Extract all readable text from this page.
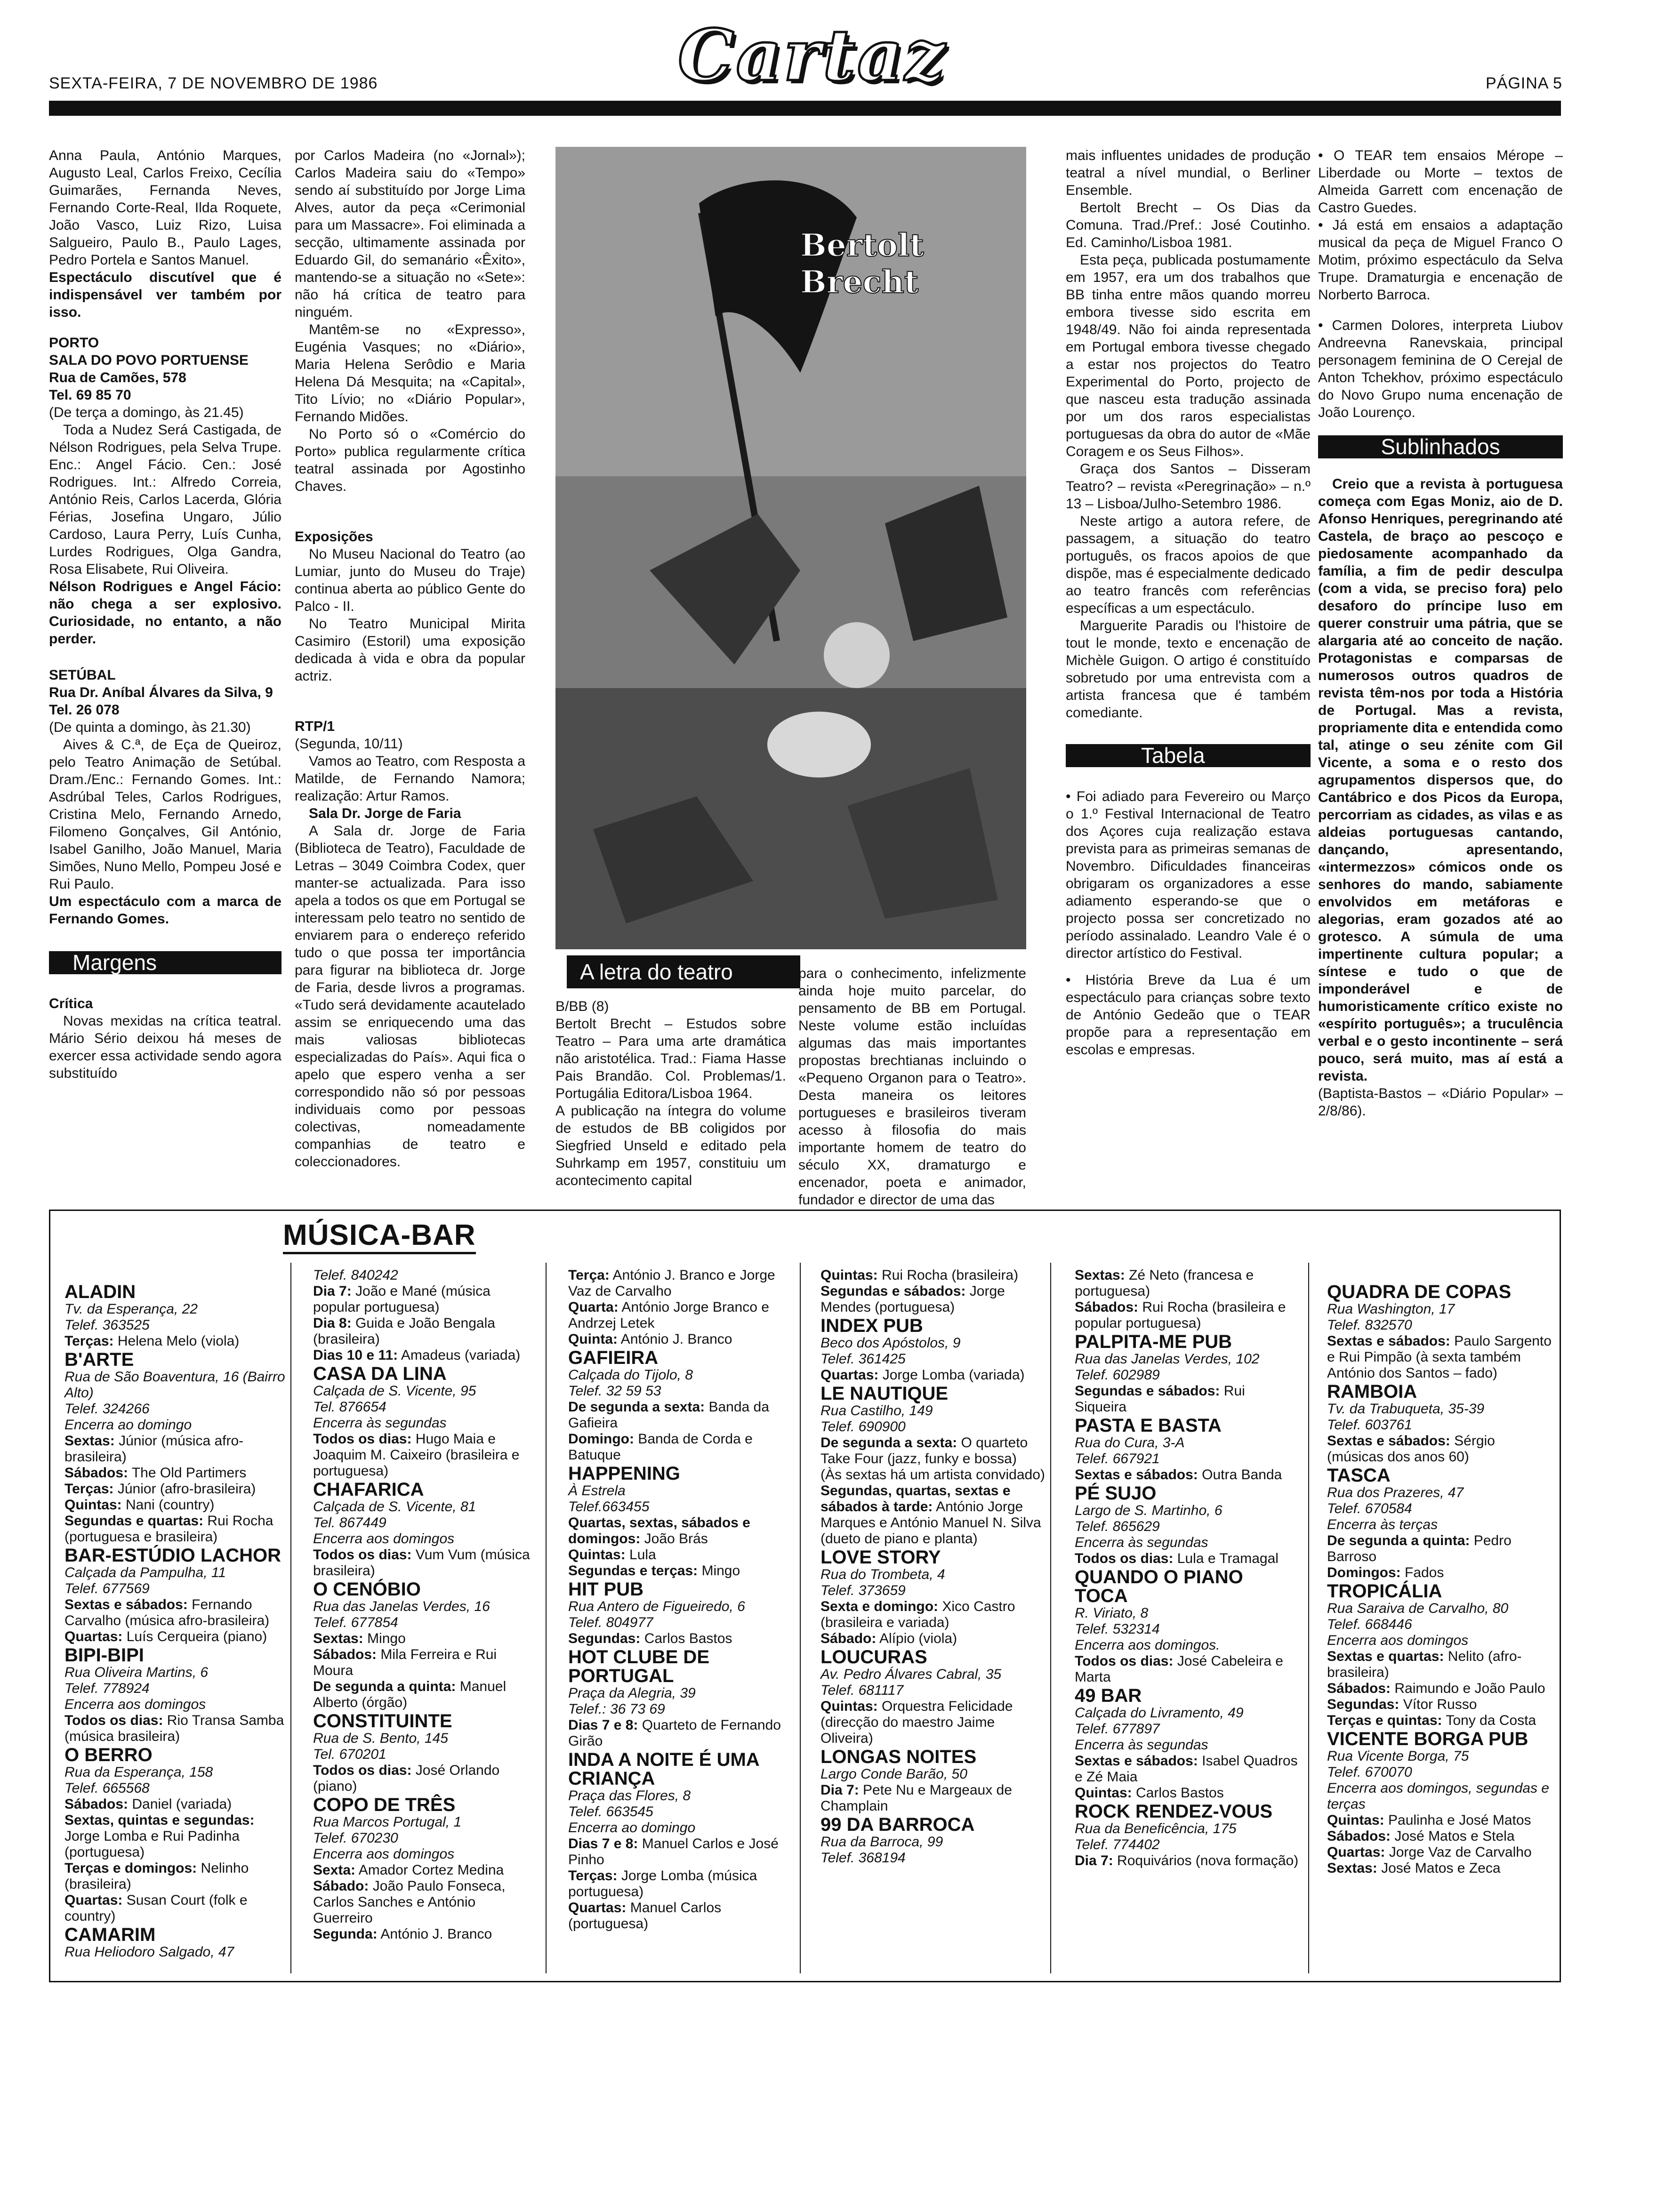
SEXTA-FEIRA, 7 DE NOVEMBRO DE 1986	Cartaz	PÁGINA 5

Anna Paula, António Marques, Augusto Leal, Carlos Freixo, Cecília Guimarães, Fernanda Neves, Fernando Corte-Real, Ilda Roquete, João Vasco, Luiz Rizo, Luisa Salgueiro, Paulo B., Paulo Lages, Pedro Portela e Santos Manuel.

Espectáculo discutível que é indispensável ver também por isso.

PORTO

SALA DO POVO PORTUENSE

Rua de Camões, 578

Tel. 69 85 70

(De terça a domingo, às 21.45)

Toda a Nudez Será Castigada, de Nélson Rodrigues, pela Selva Trupe. Enc.: Angel Fácio. Cen.: José Rodrigues. Int.: Alfredo Correia, António Reis, Carlos Lacerda, Glória Férias, Josefina Ungaro, Júlio Cardoso, Laura Perry, Luís Cunha, Lurdes Rodrigues, Olga Gandra, Rosa Elisabete, Rui Oliveira.

Nélson Rodrigues e Angel Fácio: não chega a ser explosivo. Curiosidade, no entanto, a não perder.

SETÚBAL

Rua Dr. Aníbal Álvares da Silva, 9

Tel. 26 078

(De quinta a domingo, às 21.30)

Aives & C.ª, de Eça de Queiroz, pelo Teatro Animação de Setúbal. Dram./Enc.: Fernando Gomes. Int.: Asdrúbal Teles, Carlos Rodrigues, Cristina Melo, Fernando Arnedo, Filomeno Gonçalves, Gil António, Isabel Ganilho, João Manuel, Maria Simões, Nuno Mello, Pompeu José e Rui Paulo.

Um espectáculo com a marca de Fernando Gomes.

Margens

Crítica

Novas mexidas na crítica teatral. Mário Sério deixou há meses de exercer essa actividade sendo agora substituído

por Carlos Madeira (no «Jornal»); Carlos Madeira saiu do «Tempo» sendo aí substituído por Jorge Lima Alves, autor da peça «Cerimonial para um Massacre». Foi eliminada a secção, ultimamente assinada por Eduardo Gil, do semanário «Êxito», mantendo-se a situação no «Sete»: não há crítica de teatro para ninguém.

Mantêm-se no «Expresso», Eugénia Vasques; no «Diário», Maria Helena Serôdio e Maria Helena Dá Mesquita; na «Capital», Tito Lívio; no «Diário Popular», Fernando Midões.

No Porto só o «Comércio do Porto» publica regularmente crítica teatral assinada por Agostinho Chaves.

Exposições

No Museu Nacional do Teatro (ao Lumiar, junto do Museu do Traje) continua aberta ao público Gente do Palco - II.

No Teatro Municipal Mirita Casimiro (Estoril) uma exposição dedicada à vida e obra da popular actriz.

RTP/1

(Segunda, 10/11)

Vamos ao Teatro, com Resposta a Matilde, de Fernando Namora; realização: Artur Ramos.

Sala Dr. Jorge de Faria

A Sala dr. Jorge de Faria (Biblioteca de Teatro), Faculdade de Letras – 3049 Coimbra Codex, quer manter-se actualizada. Para isso apela a todos os que em Portugal se interessam pelo teatro no sentido de enviarem para o endereço referido tudo o que possa ter importância para figurar na biblioteca dr. Jorge de Faria, desde livros a programas. «Tudo será devidamente acautelado assim se enriquecendo uma das mais valiosas bibliotecas especializadas do País». Aqui fica o apelo que espero venha a ser correspondido não só por pessoas individuais como por pessoas colectivas, nomeadamente companhias de teatro e coleccionadores.

Bertolt Brecht
A letra do teatro
B/BB (8)
Bertolt Brecht – Estudos sobre Teatro – Para uma arte dramática não aristotélica. Trad.: Fiama Hasse Pais Brandão. Col. Problemas/1. Portugália Editora/Lisboa 1964.
A publicação na íntegra do volume de estudos de BB coligidos por Siegfried Unseld e editado pela Suhrkamp em 1957, constituiu um acontecimento capital

para o conhecimento, infelizmente ainda hoje muito parcelar, do pensamento de BB em Portugal. Neste volume estão incluídas algumas das mais importantes propostas brechtianas incluindo o «Pequeno Organon para o Teatro». Desta maneira os leitores portugueses e brasileiros tiveram acesso à filosofia do mais importante homem de teatro do século XX, dramaturgo e encenador, poeta e animador, fundador e director de uma das

mais influentes unidades de produção teatral a nível mundial, o Berliner Ensemble.

Bertolt Brecht – Os Dias da Comuna. Trad./Pref.: José Coutinho. Ed. Caminho/Lisboa 1981.

Esta peça, publicada postumamente em 1957, era um dos trabalhos que BB tinha entre mãos quando morreu embora tivesse sido escrita em 1948/49. Não foi ainda representada em Portugal embora tivesse chegado a estar nos projectos do Teatro Experimental do Porto, projecto de que nasceu esta tradução assinada por um dos raros especialistas portuguesas da obra do autor de «Mãe Coragem e os Seus Filhos».

Graça dos Santos – Disseram Teatro? – revista «Peregrinação» – n.º 13 – Lisboa/Julho-Setembro 1986.

Neste artigo a autora refere, de passagem, a situação do teatro português, os fracos apoios de que dispõe, mas é especialmente dedicado ao teatro francês com referências específicas a um espectáculo.

Marguerite Paradis ou l'histoire de tout le monde, texto e encenação de Michèle Guigon. O artigo é constituído sobretudo por uma entrevista com a artista francesa que é também comediante.

Tabela

• Foi adiado para Fevereiro ou Março o 1.º Festival Internacional de Teatro dos Açores cuja realização estava prevista para as primeiras semanas de Novembro. Dificuldades financeiras obrigaram os organizadores a esse adiamento esperando-se que o projecto possa ser concretizado no período assinalado. Leandro Vale é o director artístico do Festival.

• História Breve da Lua é um espectáculo para crianças sobre texto de António Gedeão que o TEAR propõe para a representação em escolas e empresas.

• O TEAR tem ensaios Mérope – Liberdade ou Morte – textos de Almeida Garrett com encenação de Castro Guedes.

• Já está em ensaios a adaptação musical da peça de Miguel Franco O Motim, próximo espectáculo da Selva Trupe. Dramaturgia e encenação de Norberto Barroca.

• Carmen Dolores, interpreta Liubov Andreevna Ranevskaia, principal personagem feminina de O Cerejal de Anton Tchekhov, próximo espectáculo do Novo Grupo numa encenação de João Lourenço.

Sublinhados

Creio que a revista à portuguesa começa com Egas Moniz, aio de D. Afonso Henriques, peregrinando até Castela, de braço ao pescoço e piedosamente acompanhado da família, a fim de pedir desculpa (com a vida, se preciso fora) pelo desaforo do príncipe luso em querer construir uma pátria, que se alargaria até ao conceito de nação. Protagonistas e comparsas de numerosos outros quadros de revista têm-nos por toda a História de Portugal. Mas a revista, propriamente dita e entendida como tal, atinge o seu zénite com Gil Vicente, a soma e o resto dos agrupamentos dispersos que, do Cantábrico e dos Picos da Europa, percorriam as cidades, as vilas e as aldeias portuguesas cantando, dançando, apresentando, «intermezzos» cómicos onde os senhores do mando, sabiamente envolvidos em metáforas e alegorias, eram gozados até ao grotesco. A súmula de uma impertinente cultura popular; a síntese e tudo o que de imponderável e de humoristicamente crítico existe no «espírito português»; a truculência verbal e o gesto incontinente – será pouco, será muito, mas aí está a revista.

(Baptista-Bastos – «Diário Popular» – 2/8/86).

MÚSICA-BAR
ALADIN
Tv. da Esperança, 22
Telef. 363525
Terças: Helena Melo (viola)
B'ARTE
Rua de São Boaventura, 16 (Bairro Alto)
Telef. 324266
Encerra ao domingo
Sextas: Júnior (música afro-brasileira)
Sábados: The Old Partimers
Terças: Júnior (afro-brasileira)
Quintas: Nani (country)
Segundas e quartas: Rui Rocha (portuguesa e brasileira)
BAR-ESTÚDIO LACHOR
Calçada da Pampulha, 11
Telef. 677569
Sextas e sábados: Fernando Carvalho (música afro-brasileira)
Quartas: Luís Cerqueira (piano)
BIPI-BIPI
Rua Oliveira Martins, 6
Telef. 778924
Encerra aos domingos
Todos os dias: Rio Transa Samba (música brasileira)
O BERRO
Rua da Esperança, 158
Telef. 665568
Sábados: Daniel (variada)
Sextas, quintas e segundas: Jorge Lomba e Rui Padinha (portuguesa)
Terças e domingos: Nelinho (brasileira)
Quartas: Susan Court (folk e country)
CAMARIM
Rua Heliodoro Salgado, 47
Telef. 840242
Dia 7: João e Mané (música popular portuguesa)
Dia 8: Guida e João Bengala (brasileira)
Dias 10 e 11: Amadeus (variada)
CASA DA LINA
Calçada de S. Vicente, 95
Tel. 876654
Encerra às segundas
Todos os dias: Hugo Maia e Joaquim M. Caixeiro (brasileira e portuguesa)
CHAFARICA
Calçada de S. Vicente, 81
Tel. 867449
Encerra aos domingos
Todos os dias: Vum Vum (música brasileira)
O CENÓBIO
Rua das Janelas Verdes, 16
Telef. 677854
Sextas: Mingo
Sábados: Mila Ferreira e Rui Moura
De segunda a quinta: Manuel Alberto (órgão)
CONSTITUINTE
Rua de S. Bento, 145
Tel. 670201
Todos os dias: José Orlando (piano)
COPO DE TRÊS
Rua Marcos Portugal, 1
Telef. 670230
Encerra aos domingos
Sexta: Amador Cortez Medina
Sábado: João Paulo Fonseca, Carlos Sanches e António Guerreiro
Segunda: António J. Branco
Terça: António J. Branco e Jorge Vaz de Carvalho
Quarta: António Jorge Branco e Andrzej Letek
Quinta: António J. Branco
GAFIEIRA
Calçada do Tijolo, 8
Telef. 32 59 53
De segunda a sexta: Banda da Gafieira
Domingo: Banda de Corda e Batuque
HAPPENING
À Estrela
Telef.663455
Quartas, sextas, sábados e domingos: João Brás
Quintas: Lula
Segundas e terças: Mingo
HIT PUB
Rua Antero de Figueiredo, 6
Telef. 804977
Segundas: Carlos Bastos
HOT CLUBE DE PORTUGAL
Praça da Alegria, 39
Telef.: 36 73 69
Dias 7 e 8: Quarteto de Fernando Girão
INDA A NOITE É UMA CRIANÇA
Praça das Flores, 8
Telef. 663545
Encerra ao domingo
Dias 7 e 8: Manuel Carlos e José Pinho
Terças: Jorge Lomba (música portuguesa)
Quartas: Manuel Carlos (portuguesa)
Quintas: Rui Rocha (brasileira)
Segundas e sábados: Jorge Mendes (portuguesa)
INDEX PUB
Beco dos Apóstolos, 9
Telef. 361425
Quartas: Jorge Lomba (variada)
LE NAUTIQUE
Rua Castilho, 149
Telef. 690900
De segunda a sexta: O quarteto Take Four (jazz, funky e bossa)
(Às sextas há um artista convidado)
Segundas, quartas, sextas e sábados à tarde: António Jorge Marques e António Manuel N. Silva (dueto de piano e planta)
LOVE STORY
Rua do Trombeta, 4
Telef. 373659
Sexta e domingo: Xico Castro (brasileira e variada)
Sábado: Alípio (viola)
LOUCURAS
Av. Pedro Álvares Cabral, 35
Telef. 681117
Quintas: Orquestra Felicidade (direcção do maestro Jaime Oliveira)
LONGAS NOITES
Largo Conde Barão, 50
Dia 7: Pete Nu e Margeaux de Champlain
99 DA BARROCA
Rua da Barroca, 99
Telef. 368194
Sextas: Zé Neto (francesa e portuguesa)
Sábados: Rui Rocha (brasileira e popular portuguesa)
PALPITA-ME PUB
Rua das Janelas Verdes, 102
Telef. 602989
Segundas e sábados: Rui Siqueira
PASTA E BASTA
Rua do Cura, 3-A
Telef. 667921
Sextas e sábados: Outra Banda
PÉ SUJO
Largo de S. Martinho, 6
Telef. 865629
Encerra às segundas
Todos os dias: Lula e Tramagal
QUANDO O PIANO TOCA
R. Viriato, 8
Telef. 532314
Encerra aos domingos.
Todos os dias: José Cabeleira e Marta
49 BAR
Calçada do Livramento, 49
Telef. 677897
Encerra às segundas
Sextas e sábados: Isabel Quadros e Zé Maia
Quintas: Carlos Bastos
ROCK RENDEZ-VOUS
Rua da Beneficência, 175
Telef. 774402
Dia 7: Roquivários (nova formação)
QUADRA DE COPAS
Rua Washington, 17
Telef. 832570
Sextas e sábados: Paulo Sargento e Rui Pimpão (à sexta também António dos Santos – fado)
RAMBOIA
Tv. da Trabuqueta, 35-39
Telef. 603761
Sextas e sábados: Sérgio (músicas dos anos 60)
TASCA
Rua dos Prazeres, 47
Telef. 670584
Encerra às terças
De segunda a quinta: Pedro Barroso
Domingos: Fados
TROPICÁLIA
Rua Saraiva de Carvalho, 80
Telef. 668446
Encerra aos domingos
Sextas e quartas: Nelito (afro-brasileira)
Sábados: Raimundo e João Paulo
Segundas: Vítor Russo
Terças e quintas: Tony da Costa
VICENTE BORGA PUB
Rua Vicente Borga, 75
Telef. 670070
Encerra aos domingos, segundas e terças
Quintas: Paulinha e José Matos
Sábados: José Matos e Stela
Quartas: Jorge Vaz de Carvalho
Sextas: José Matos e Zeca
